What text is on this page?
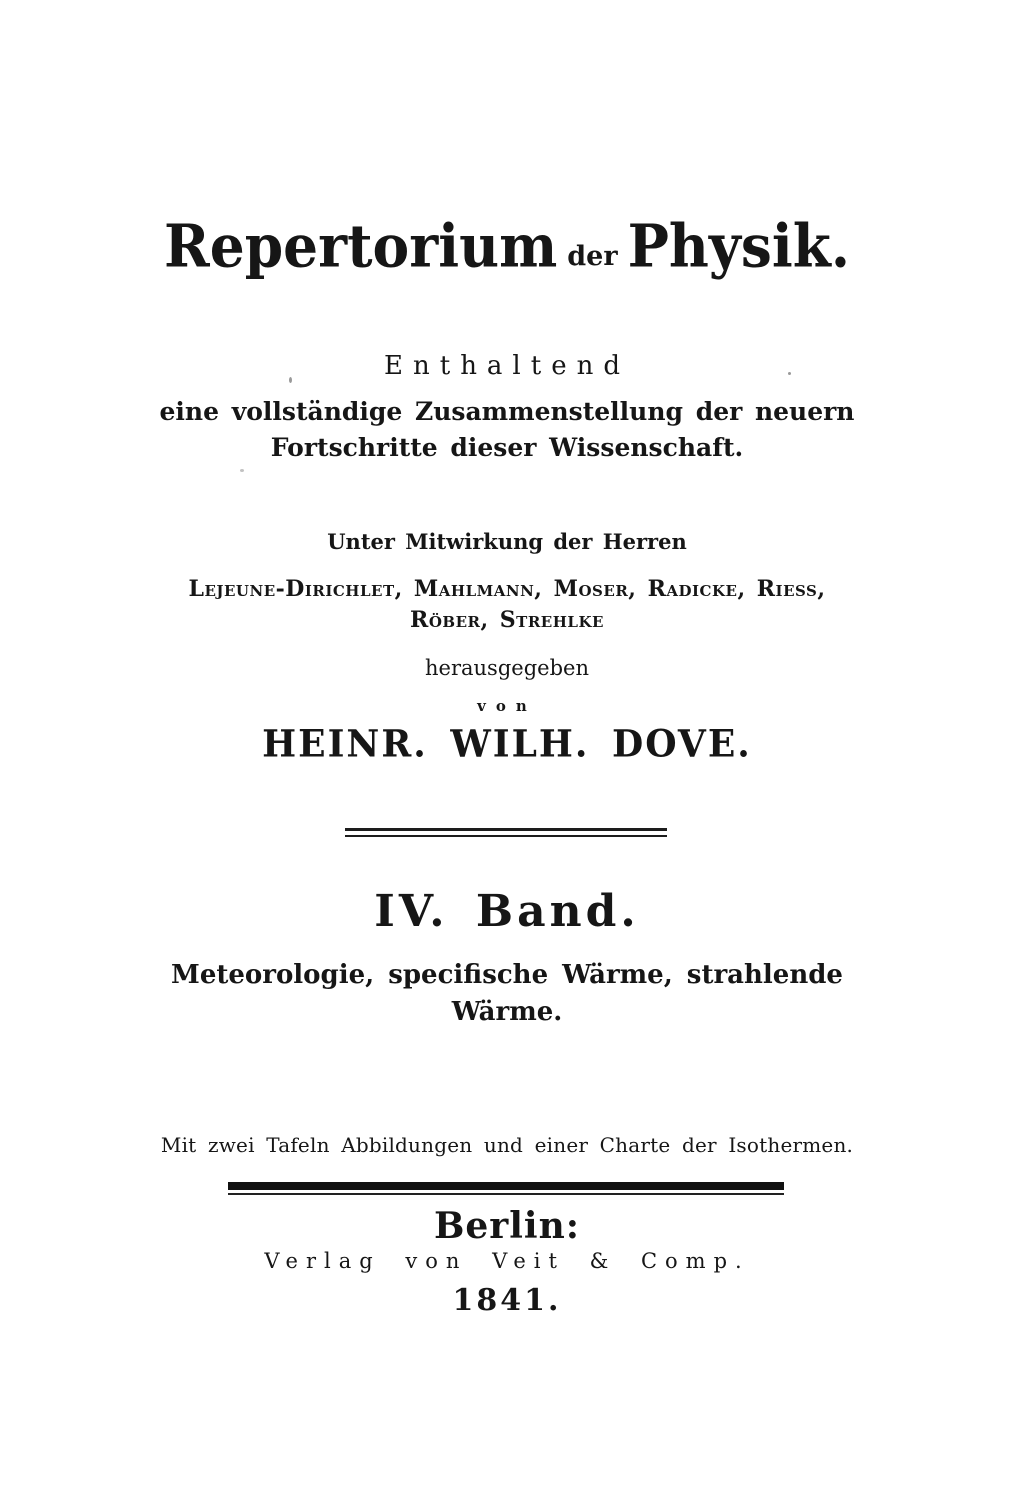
Repertorium der Physik.
Enthaltend
eine vollständige Zusammenstellung der neuern
Fortschritte dieser Wissenschaft.
Unter Mitwirkung der Herren
Lejeune-Dirichlet, Mahlmann, Moser, Radicke, Riess,
Röber, Strehlke
herausgegeben
von
HEINR. WILH. DOVE.
IV. Band.
Meteorologie, specifische Wärme, strahlende
Wärme.
Mit zwei Tafeln Abbildungen und einer Charte der Isothermen.
Berlin:
Verlag von Veit & Comp.
1841.
